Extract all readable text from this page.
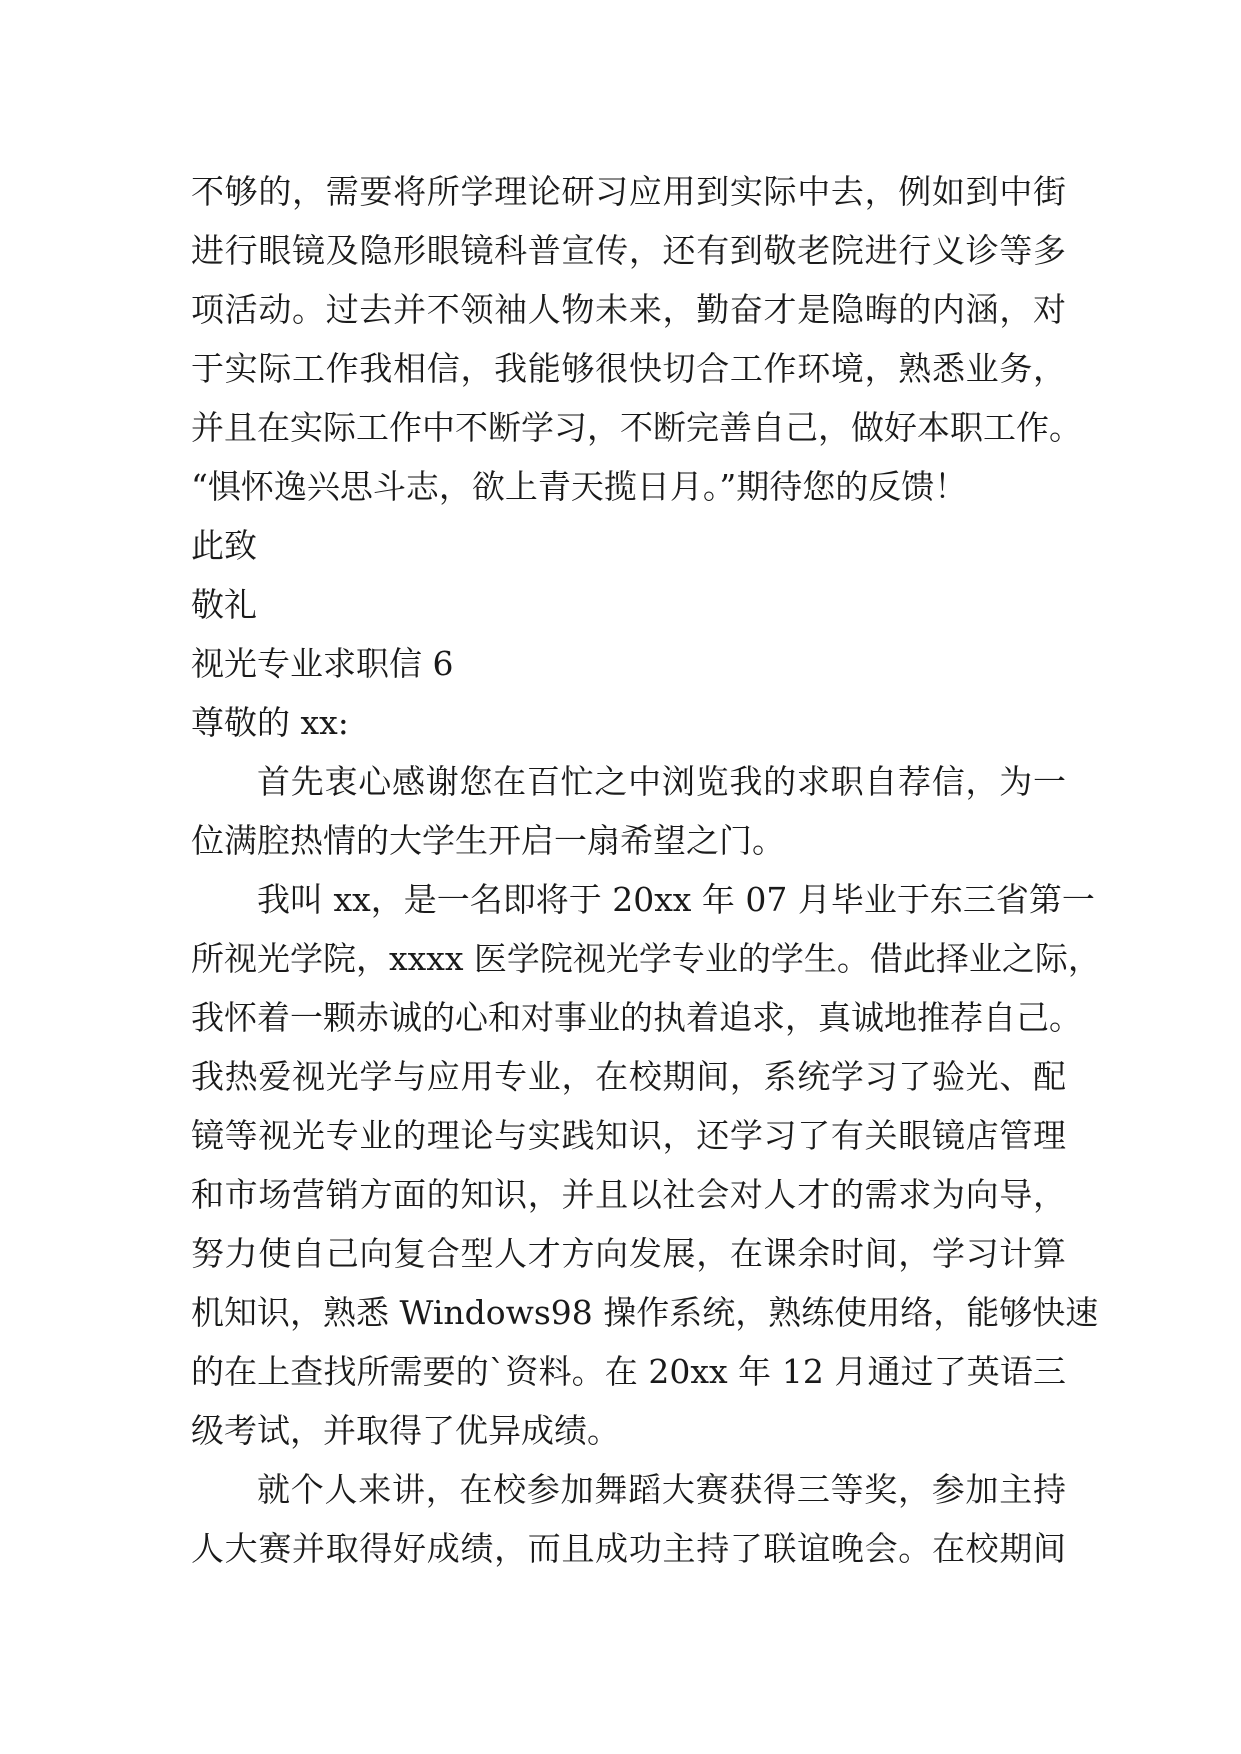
不够的，需要将所学理论研习应用到实际中去，例如到中街
进行眼镜及隐形眼镜科普宣传，还有到敬老院进行义诊等多
项活动。过去并不领袖人物未来，勤奋才是隐晦的内涵，对
于实际工作我相信，我能够很快切合工作环境，熟悉业务，
并且在实际工作中不断学习，不断完善自己，做好本职工作。
“惧怀逸兴思斗志，欲上青天揽日月。”期待您的反馈！
此致
敬礼
视光专业求职信 6
尊敬的 xx:
首先衷心感谢您在百忙之中浏览我的求职自荐信，为一
位满腔热情的大学生开启一扇希望之门。
我叫 xx，是一名即将于 20xx 年 07 月毕业于东三省第一
所视光学院，xxxx 医学院视光学专业的学生。借此择业之际，
我怀着一颗赤诚的心和对事业的执着追求，真诚地推荐自己。
我热爱视光学与应用专业，在校期间，系统学习了验光、配
镜等视光专业的理论与实践知识，还学习了有关眼镜店管理
和市场营销方面的知识，并且以社会对人才的需求为向导，
努力使自己向复合型人才方向发展，在课余时间，学习计算
机知识，熟悉 Windows98 操作系统，熟练使用络，能够快速
的在上查找所需要的`资料。在 20xx 年 12 月通过了英语三
级考试，并取得了优异成绩。
就个人来讲，在校参加舞蹈大赛获得三等奖，参加主持
人大赛并取得好成绩，而且成功主持了联谊晚会。在校期间
